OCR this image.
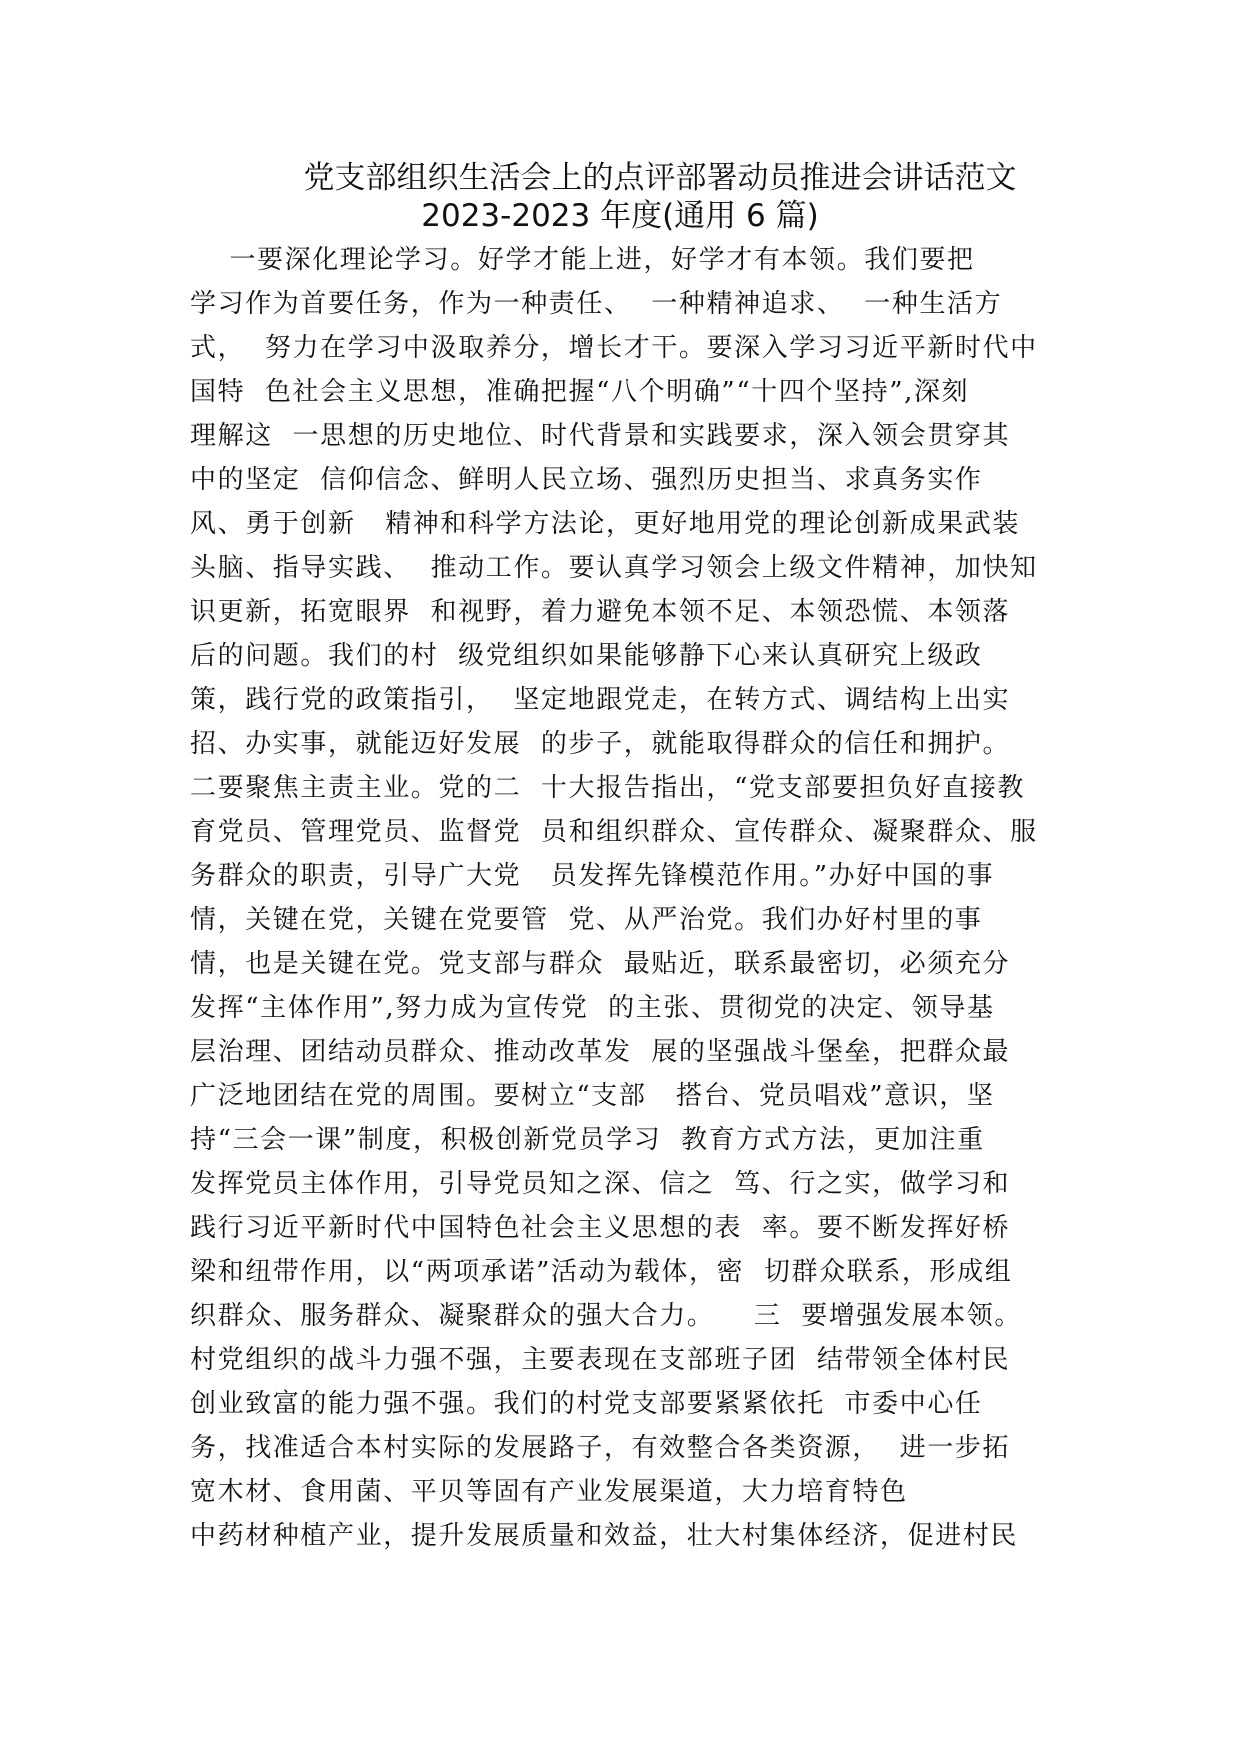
党支部组织生活会上的点评部署动员推进会讲话范文
2023-2023 年度(通用 6 篇)
一要深化理论学习。好学才能上进，好学才有本领。我们要把
学习作为首要任务，作为一种责任、  一种精神追求、  一种生活方
式，  努力在学习中汲取养分，增长才干。要深入学习习近平新时代中
国特  色社会主义思想，准确把握“八个明确”“十四个坚持”,深刻
理解这  一思想的历史地位、时代背景和实践要求，深入领会贯穿其
中的坚定  信仰信念、鲜明人民立场、强烈历史担当、求真务实作
风、勇于创新   精神和科学方法论，更好地用党的理论创新成果武装
头脑、指导实践、  推动工作。要认真学习领会上级文件精神，加快知
识更新，拓宽眼界  和视野，着力避免本领不足、本领恐慌、本领落
后的问题。我们的村  级党组织如果能够静下心来认真研究上级政
策，践行党的政策指引，  坚定地跟党走，在转方式、调结构上出实
招、办实事，就能迈好发展  的步子，就能取得群众的信任和拥护。
二要聚焦主责主业。党的二  十大报告指出，“党支部要担负好直接教
育党员、管理党员、监督党  员和组织群众、宣传群众、凝聚群众、服
务群众的职责，引导广大党   员发挥先锋模范作用。”办好中国的事
情，关键在党，关键在党要管  党、从严治党。我们办好村里的事
情，也是关键在党。党支部与群众  最贴近，联系最密切，必须充分
发挥“主体作用”,努力成为宣传党  的主张、贯彻党的决定、领导基
层治理、团结动员群众、推动改革发  展的坚强战斗堡垒，把群众最
广泛地团结在党的周围。要树立“支部   搭台、党员唱戏”意识，坚
持“三会一课”制度，积极创新党员学习  教育方式方法，更加注重
发挥党员主体作用，引导党员知之深、信之  笃、行之实，做学习和
践行习近平新时代中国特色社会主义思想的表  率。要不断发挥好桥
梁和纽带作用，以“两项承诺”活动为载体，密  切群众联系，形成组
织群众、服务群众、凝聚群众的强大合力。    三  要增强发展本领。
村党组织的战斗力强不强，主要表现在支部班子团  结带领全体村民
创业致富的能力强不强。我们的村党支部要紧紧依托  市委中心任
务，找准适合本村实际的发展路子，有效整合各类资源，  进一步拓
宽木材、食用菌、平贝等固有产业发展渠道，大力培育特色
中药材种植产业，提升发展质量和效益，壮大村集体经济，促进村民
